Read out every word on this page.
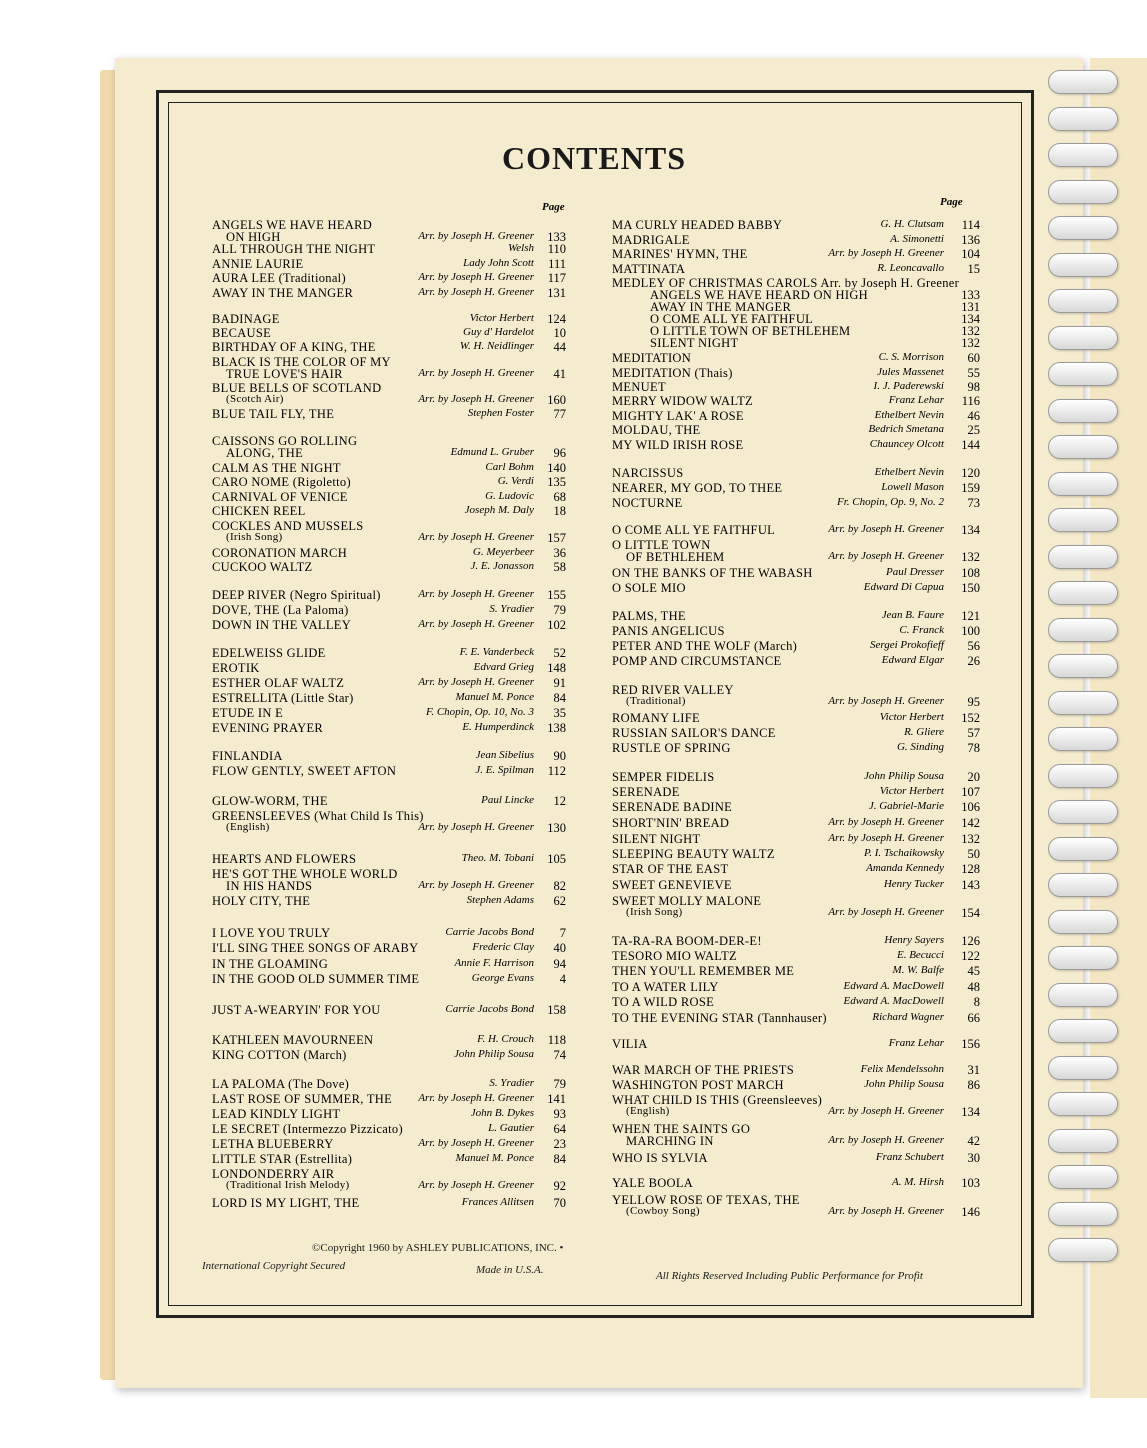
CONTENTS
Page	Page
ANGELS WE HAVE HEARD
ON HIGH	Arr. by Joseph H. Greener	133
ALL THROUGH THE NIGHT	Welsh	110
ANNIE LAURIE	Lady John Scott	111
AURA LEE (Traditional)	Arr. by Joseph H. Greener	117
AWAY IN THE MANGER	Arr. by Joseph H. Greener	131
BADINAGE	Victor Herbert	124
BECAUSE	Guy d' Hardelot	10
BIRTHDAY OF A KING, THE	W. H. Neidlinger	44
BLACK IS THE COLOR OF MY
TRUE LOVE'S HAIR	Arr. by Joseph H. Greener	41
BLUE BELLS OF SCOTLAND
(Scotch Air)	Arr. by Joseph H. Greener	160
BLUE TAIL FLY, THE	Stephen Foster	77
CAISSONS GO ROLLING
ALONG, THE	Edmund L. Gruber	96
CALM AS THE NIGHT	Carl Bohm	140
CARO NOME (Rigoletto)	G. Verdi	135
CARNIVAL OF VENICE	G. Ludovic	68
CHICKEN REEL	Joseph M. Daly	18
COCKLES AND MUSSELS
(Irish Song)	Arr. by Joseph H. Greener	157
CORONATION MARCH	G. Meyerbeer	36
CUCKOO WALTZ	J. E. Jonasson	58
DEEP RIVER (Negro Spiritual)	Arr. by Joseph H. Greener	155
DOVE, THE (La Paloma)	S. Yradier	79
DOWN IN THE VALLEY	Arr. by Joseph H. Greener	102
EDELWEISS GLIDE	F. E. Vanderbeck	52
EROTIK	Edvard Grieg	148
ESTHER OLAF WALTZ	Arr. by Joseph H. Greener	91
ESTRELLITA (Little Star)	Manuel M. Ponce	84
ETUDE IN E	F. Chopin, Op. 10, No. 3	35
EVENING PRAYER	E. Humperdinck	138
FINLANDIA	Jean Sibelius	90
FLOW GENTLY, SWEET AFTON	J. E. Spilman	112
GLOW-WORM, THE	Paul Lincke	12
GREENSLEEVES (What Child Is This)
(English)	Arr. by Joseph H. Greener	130
HEARTS AND FLOWERS	Theo. M. Tobani	105
HE'S GOT THE WHOLE WORLD
IN HIS HANDS	Arr. by Joseph H. Greener	82
HOLY CITY, THE	Stephen Adams	62
I LOVE YOU TRULY	Carrie Jacobs Bond	7
I'LL SING THEE SONGS OF ARABY	Frederic Clay	40
IN THE GLOAMING	Annie F. Harrison	94
IN THE GOOD OLD SUMMER TIME	George Evans	4
JUST A-WEARYIN' FOR YOU	Carrie Jacobs Bond	158
KATHLEEN MAVOURNEEN	F. H. Crouch	118
KING COTTON (March)	John Philip Sousa	74
LA PALOMA (The Dove)	S. Yradier	79
LAST ROSE OF SUMMER, THE Arr. by Joseph H. Greener	141
LEAD KINDLY LIGHT	John B. Dykes	93
LE SECRET (Intermezzo Pizzicato)	L. Gautier	64
LETHA BLUEBERRY	Arr. by Joseph H. Greener	23
LITTLE STAR (Estrellita)	Manuel M. Ponce	84
LONDONDERRY AIR
(Traditional Irish Melody)	Arr. by Joseph H. Greener	92
LORD IS MY LIGHT, THE	Frances Allitsen	70
MA CURLY HEADED BABBY	G. H. Clutsam	114
MADRIGALE	A. Simonetti	136
MARINES' HYMN, THE	Arr. by Joseph H. Greener	104
MATTINATA	R. Leoncavallo	15
MEDLEY OF CHRISTMAS CAROLS Arr. by Joseph H. Greener
ANGELS WE HAVE HEARD ON HIGH	133
AWAY IN THE MANGER	131
O COME ALL YE FAITHFUL	134
O LITTLE TOWN OF BETHLEHEM	132
SILENT NIGHT	132
MEDITATION	C. S. Morrison	60
MEDITATION (Thais)	Jules Massenet	55
MENUET	I. J. Paderewski	98
MERRY WIDOW WALTZ	Franz Lehar	116
MIGHTY LAK' A ROSE	Ethelbert Nevin	46
MOLDAU, THE	Bedrich Smetana	25
MY WILD IRISH ROSE	Chauncey Olcott	144
NARCISSUS	Ethelbert Nevin	120
NEARER, MY GOD, TO THEE	Lowell Mason	159
NOCTURNE	Fr. Chopin, Op. 9, No. 2	73
O COME ALL YE FAITHFUL	Arr. by Joseph H. Greener	134
O LITTLE TOWN
OF BETHLEHEM	Arr. by Joseph H. Greener	132
ON THE BANKS OF THE WABASH	Paul Dresser	108
O SOLE MIO	Edward Di Capua	150
PALMS, THE	Jean B. Faure	121
PANIS ANGELICUS	C. Franck	100
PETER AND THE WOLF (March)	Sergei Prokofieff	56
POMP AND CIRCUMSTANCE	Edward Elgar	26
RED RIVER VALLEY
(Traditional)	Arr. by Joseph H. Greener	95
ROMANY LIFE	Victor Herbert	152
RUSSIAN SAILOR'S DANCE	R. Gliere	57
RUSTLE OF SPRING	G. Sinding	78
SEMPER FIDELIS	John Philip Sousa	20
SERENADE	Victor Herbert	107
SERENADE BADINE	J. Gabriel-Marie	106
SHORT'NIN' BREAD	Arr. by Joseph H. Greener	142
SILENT NIGHT	Arr. by Joseph H. Greener	132
SLEEPING BEAUTY WALTZ	P. I. Tschaikowsky	50
STAR OF THE EAST	Amanda Kennedy	128
SWEET GENEVIEVE	Henry Tucker	143
SWEET MOLLY MALONE
(Irish Song)	Arr. by Joseph H. Greener	154
TA-RA-RA BOOM-DER-E!	Henry Sayers	126
TESORO MIO WALTZ	E. Becucci	122
THEN YOU'LL REMEMBER ME	M. W. Balfe	45
TO A WATER LILY	Edward A. MacDowell	48
TO A WILD ROSE	Edward A. MacDowell	8
TO THE EVENING STAR (Tannhauser)	Richard Wagner	66
VILIA	Franz Lehar	156
WAR MARCH OF THE PRIESTS	Felix Mendelssohn	31
WASHINGTON POST MARCH	John Philip Sousa	86
WHAT CHILD IS THIS (Greensleeves)
(English)	Arr. by Joseph H. Greener	134
WHEN THE SAINTS GO
MARCHING IN	Arr. by Joseph H. Greener	42
WHO IS SYLVIA	Franz Schubert	30
YALE BOOLA	A. M. Hirsh	103
YELLOW ROSE OF TEXAS, THE
(Cowboy Song)	Arr. by Joseph H. Greener	146
©Copyright 1960 by ASHLEY PUBLICATIONS, INC. •
International Copyright Secured	Made in U.S.A.	All Rights Reserved Including Public Performance for Profit
